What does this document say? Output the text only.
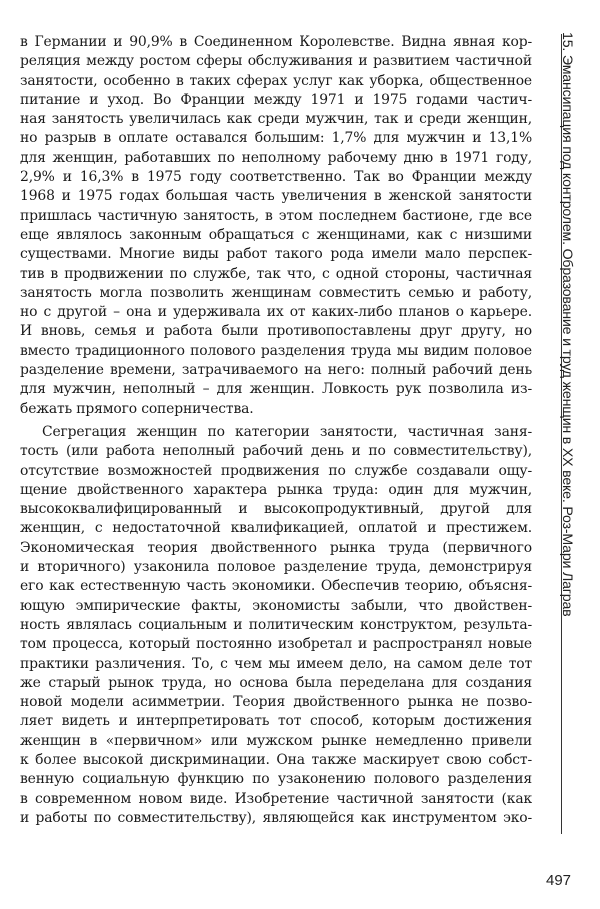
в Германии и 90,9% в Соединенном Королевстве. Видна явная кор-
реляция между ростом сферы обслуживания и развитием частичной
занятости, особенно в таких сферах услуг как уборка, общественное питание и уход. Во Франции между 1971 и 1975 годами частич-
ная занятость увеличилась как среди мужчин, так и среди женщин,
но разрыв в оплате оставался большим: 1,7% для мужчин и 13,1%
для женщин, работавших по неполному рабочему дню в 1971 году,
2,9% и 16,3% в 1975 году соответственно. Так во Франции между
1968 и 1975 годах большая часть увеличения в женской занятости
пришлась частичную занятость, в этом последнем бастионе, где все
еще являлось законным обращаться с женщинами, как с низшими
существами. Многие виды работ такого рода имели мало перспек-
тив в продвижении по службе, так что, с одной стороны, частичная
занятость могла позволить женщинам совместить семью и работу,
но с другой – она и удерживала их от каких-либо планов о карьере.
И вновь, семья и работа были противопоставлены друг другу, но
вместо традиционного полового разделения труда мы видим половое
разделение времени, затрачиваемого на него: полный рабочий день
для мужчин, неполный – для женщин. Ловкость рук позволила из-
бежать прямого соперничества.
Сегрегация женщин по категории занятости, частичная заня-
тость (или работа неполный рабочий день и по совместительству),
отсутствие возможностей продвижения по службе создавали ощу-
щение двойственного характера рынка труда: один для мужчин,
высококвалифицированный и высокопродуктивный, другой для
женщин, с недостаточной квалификацией, оплатой и престижем.
Экономическая теория двойственного рынка труда (первичного
и вторичного) узаконила половое разделение труда, демонстрируя
его как естественную часть экономики. Обеспечив теорию, объясня-
ющую эмпирические факты, экономисты забыли, что двойствен-
ность являлась социальным и политическим конструктом, результа-
том процесса, который постоянно изобретал и распространял новые
практики различения. То, с чем мы имеем дело, на самом деле тот
же старый рынок труда, но основа была переделана для создания
новой модели асимметрии. Теория двойственного рынка не позво-
ляет видеть и интерпретировать тот способ, которым достижения
женщин в «первичном» или мужском рынке немедленно привели
к более высокой дискриминации. Она также маскирует свою собст-
венную социальную функцию по узаконению полового разделения
в современном новом виде. Изобретение частичной занятости (как
и работы по совместительству), являющейся как инструментом эко-
15. Эмансипация под контролем. Образование и труд женщин в XX веке. Роз-Мари Лаграв
497
